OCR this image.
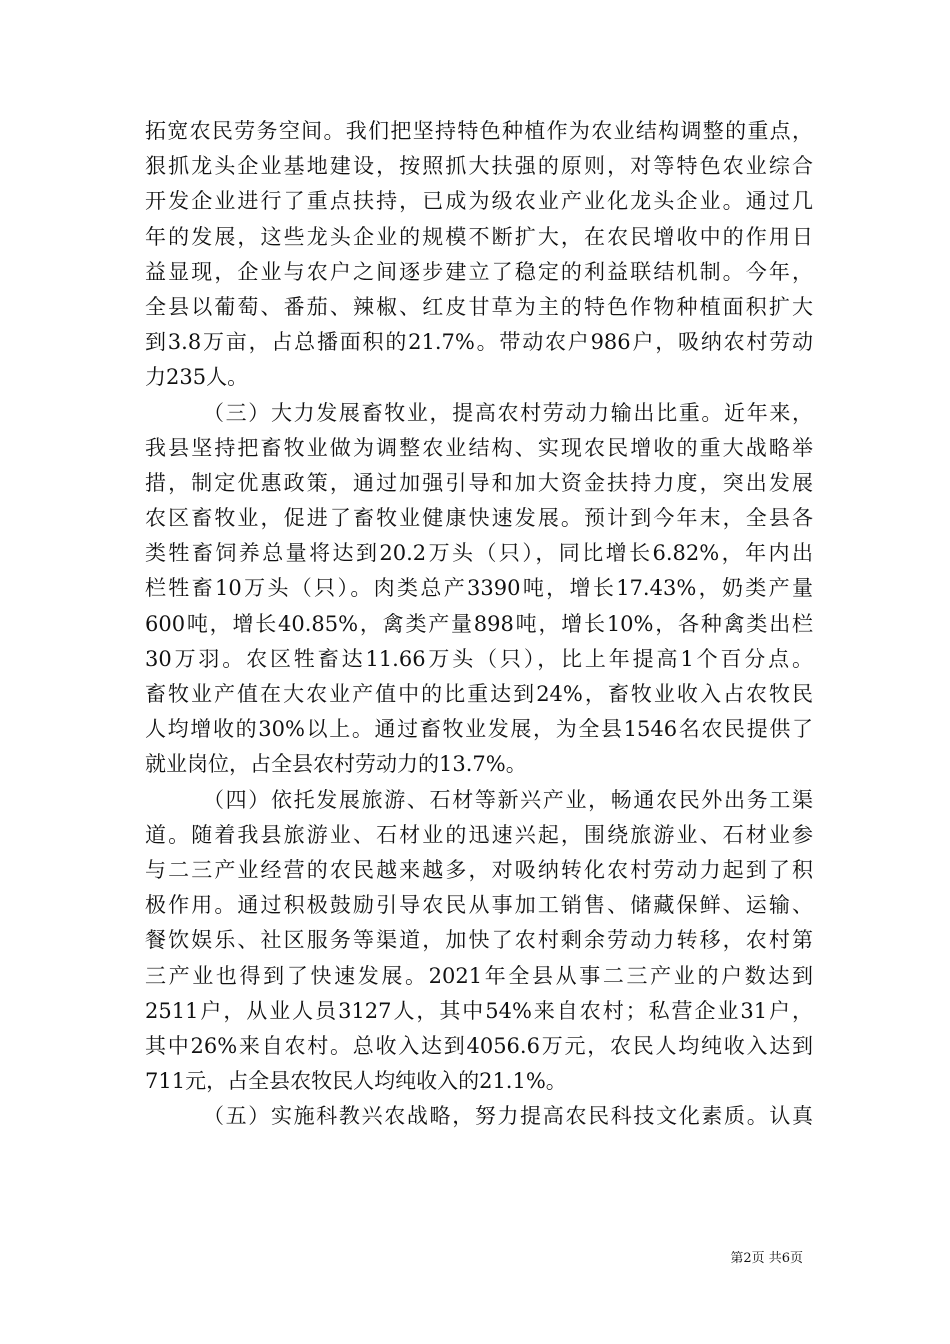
拓宽农民劳务空间。我们把坚持特色种植作为农业结构调整的重点，
狠抓龙头企业基地建设，按照抓大扶强的原则，对等特色农业综合
开发企业进行了重点扶持，已成为级农业产业化龙头企业。通过几
年的发展，这些龙头企业的规模不断扩大，在农民增收中的作用日
益显现，企业与农户之间逐步建立了稳定的利益联结机制。今年，
全县以葡萄、番茄、辣椒、红皮甘草为主的特色作物种植面积扩大
到3.8万亩，占总播面积的21.7%。带动农户986户，吸纳农村劳动
力235人。
（三）大力发展畜牧业，提高农村劳动力输出比重。近年来，
我县坚持把畜牧业做为调整农业结构、实现农民增收的重大战略举
措，制定优惠政策，通过加强引导和加大资金扶持力度，突出发展
农区畜牧业，促进了畜牧业健康快速发展。预计到今年末，全县各
类牲畜饲养总量将达到20.2万头（只），同比增长6.82%，年内出
栏牲畜10万头（只）。肉类总产3390吨，增长17.43%，奶类产量
600吨，增长40.85%，禽类产量898吨，增长10%，各种禽类出栏
30万羽。农区牲畜达11.66万头（只），比上年提高1个百分点。
畜牧业产值在大农业产值中的比重达到24%，畜牧业收入占农牧民
人均增收的30%以上。通过畜牧业发展，为全县1546名农民提供了
就业岗位，占全县农村劳动力的13.7%。
（四）依托发展旅游、石材等新兴产业，畅通农民外出务工渠
道。随着我县旅游业、石材业的迅速兴起，围绕旅游业、石材业参
与二三产业经营的农民越来越多，对吸纳转化农村劳动力起到了积
极作用。通过积极鼓励引导农民从事加工销售、储藏保鲜、运输、
餐饮娱乐、社区服务等渠道，加快了农村剩余劳动力转移，农村第
三产业也得到了快速发展。2021年全县从事二三产业的户数达到
2511户，从业人员3127人，其中54%来自农村；私营企业31户，
其中26%来自农村。总收入达到4056.6万元，农民人均纯收入达到
711元，占全县农牧民人均纯收入的21.1%。
（五）实施科教兴农战略，努力提高农民科技文化素质。认真
第2页 共6页
